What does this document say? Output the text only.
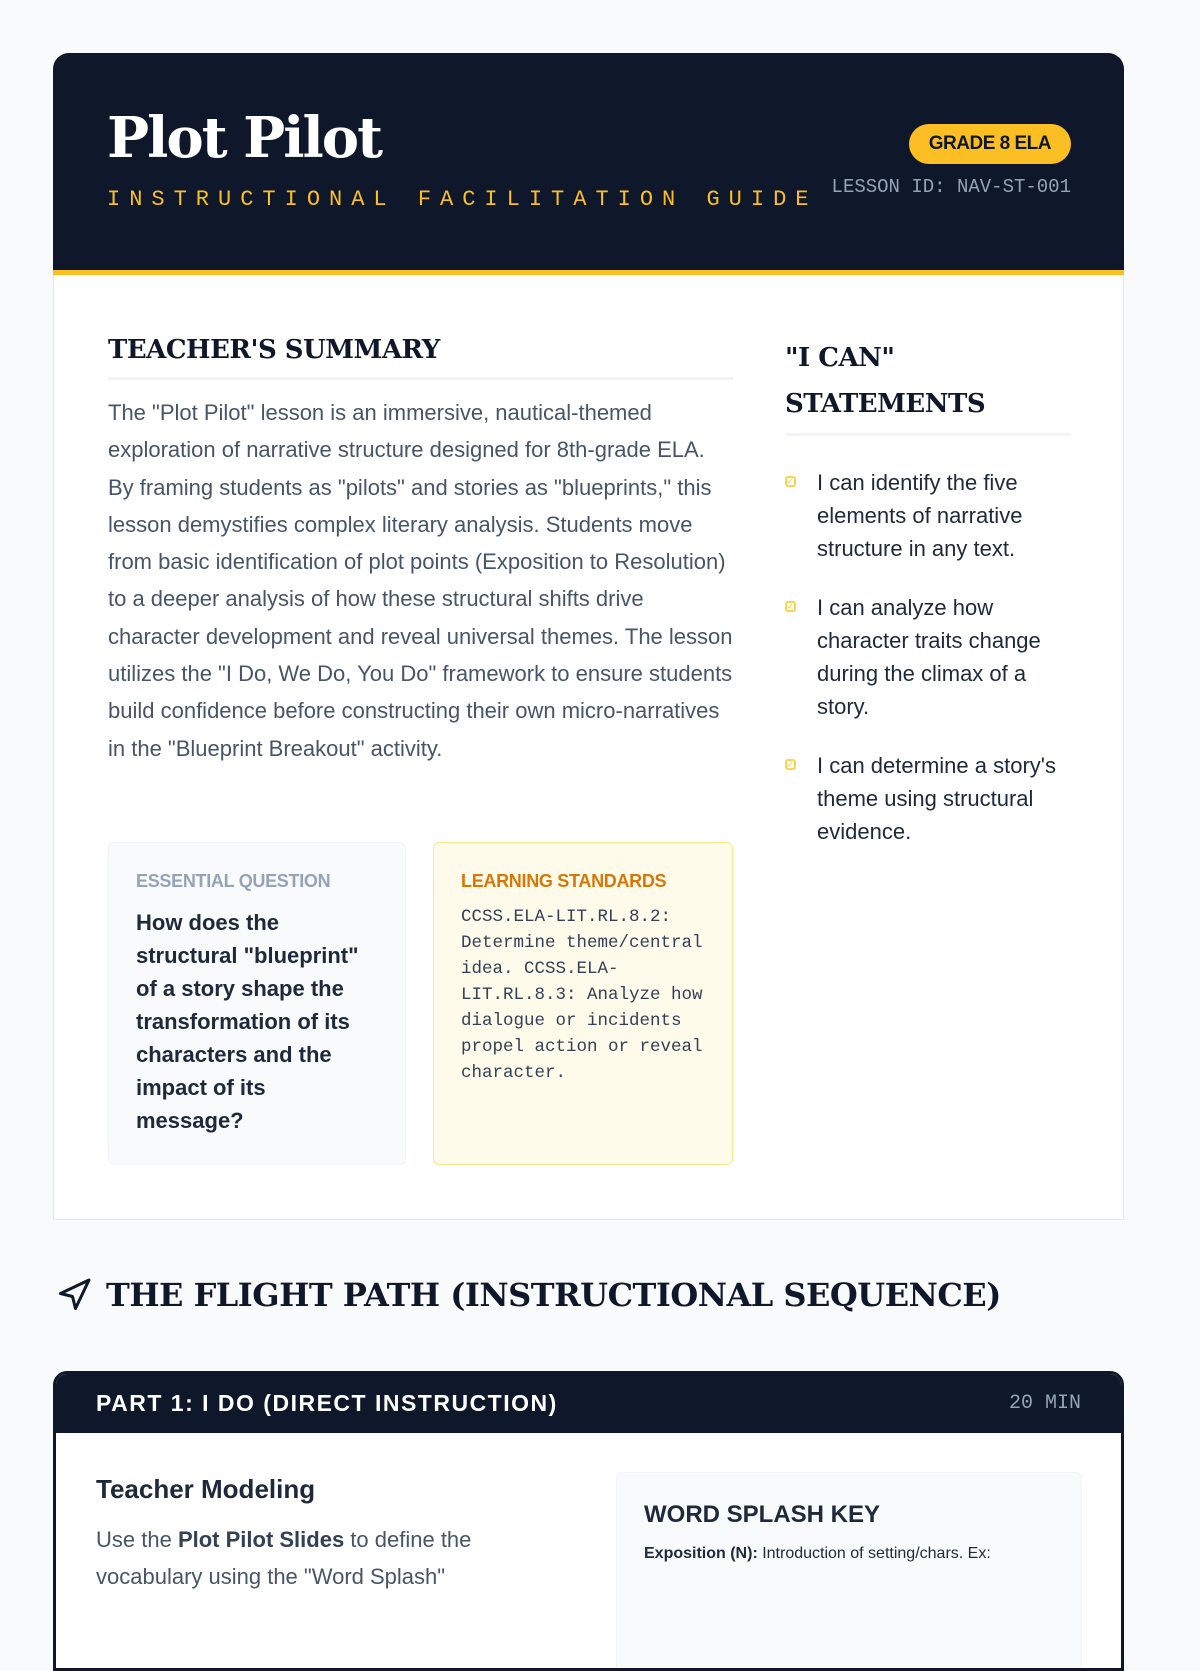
Plot Pilot
INSTRUCTIONAL FACILITATION GUIDE
GRADE 8 ELA
LESSON ID: NAV-ST-001
TEACHER'S SUMMARY

The "Plot Pilot" lesson is an immersive, nautical-themed exploration of narrative structure designed for 8th-grade ELA. By framing students as "pilots" and stories as "blueprints," this lesson demystifies complex literary analysis. Students move from basic identification of plot points (Exposition to Resolution) to a deeper analysis of how these structural shifts drive character development and reveal universal themes. The lesson utilizes the "I Do, We Do, You Do" framework to ensure students build confidence before constructing their own micro-narratives in the "Blueprint Breakout" activity.

ESSENTIAL QUESTION
How does the structural "blueprint" of a story shape the transformation of its characters and the impact of its message?
LEARNING STANDARDS
CCSS.ELA-LIT.RL.8.2: Determine theme/central idea. CCSS.ELA-LIT.RL.8.3: Analyze how dialogue or incidents propel action or reveal character.
"I CAN" STATEMENTS
✓ I can identify the five elements of narrative structure in any text.
✓ I can analyze how character traits change during the climax of a story.
✓ I can determine a story's theme using structural evidence.
THE FLIGHT PATH (INSTRUCTIONAL SEQUENCE)
PART 1: I DO (DIRECT INSTRUCTION)	20 MIN
Teacher Modeling

Use the Plot Pilot Slides to define the vocabulary using the "Word Splash"

WORD SPLASH KEY

Exposition (N): Introduction of setting/chars. Ex:
